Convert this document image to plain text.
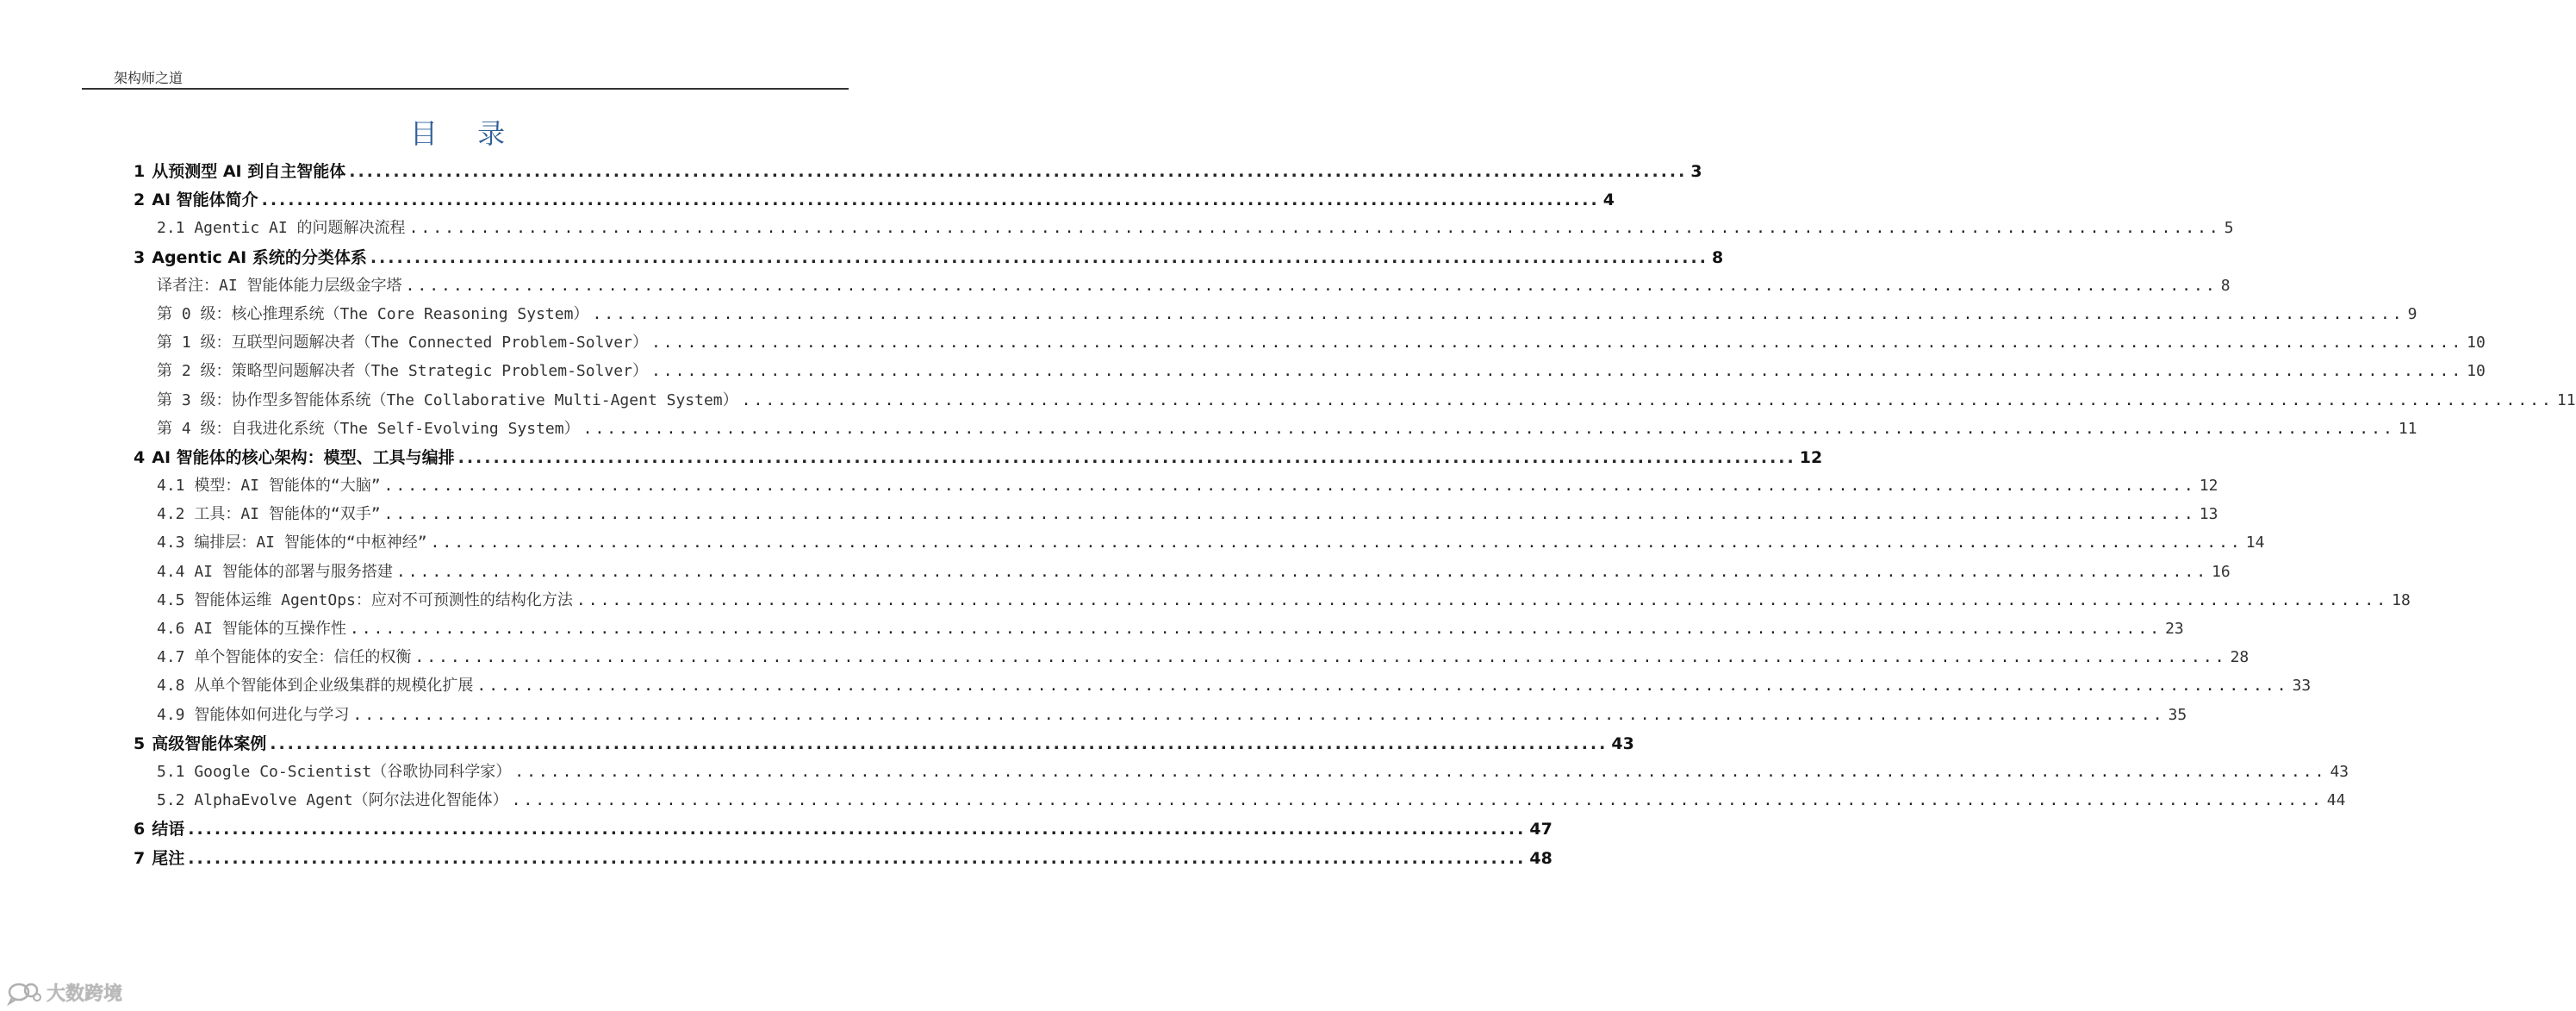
架构师之道
目 录
1 从预测型 AI 到自主智能体 .....	3
2 AI 智能体简介 .....	4
2.1 Agentic AI 的问题解决流程 .....	5
3 Agentic AI 系统的分类体系 .....	8
译者注：AI 智能体能力层级金字塔 .....	8
第 0 级：核心推理系统（The Core Reasoning System） .....	9
第 1 级：互联型问题解决者（The Connected Problem-Solver） .....	10
第 2 级：策略型问题解决者（The Strategic Problem-Solver） .....	10
第 3 级：协作型多智能体系统（The Collaborative Multi-Agent System） .....	11
第 4 级：自我进化系统（The Self-Evolving System） .....	11
4 AI 智能体的核心架构：模型、工具与编排 .....	12
4.1 模型：AI 智能体的“大脑” .....	12
4.2 工具：AI 智能体的“双手” .....	13
4.3 编排层：AI 智能体的“中枢神经” .....	14
4.4 AI 智能体的部署与服务搭建 .....	16
4.5 智能体运维 AgentOps：应对不可预测性的结构化方法 .....	18
4.6 AI 智能体的互操作性 .....	23
4.7 单个智能体的安全：信任的权衡 .....	28
4.8 从单个智能体到企业级集群的规模化扩展 .....	33
4.9 智能体如何进化与学习 .....	35
5 高级智能体案例 .....	43
5.1 Google Co-Scientist（谷歌协同科学家） .....	43
5.2 AlphaEvolve Agent（阿尔法进化智能体） .....	44
6 结语 .....	47
7 尾注 .....	48
大数跨境
